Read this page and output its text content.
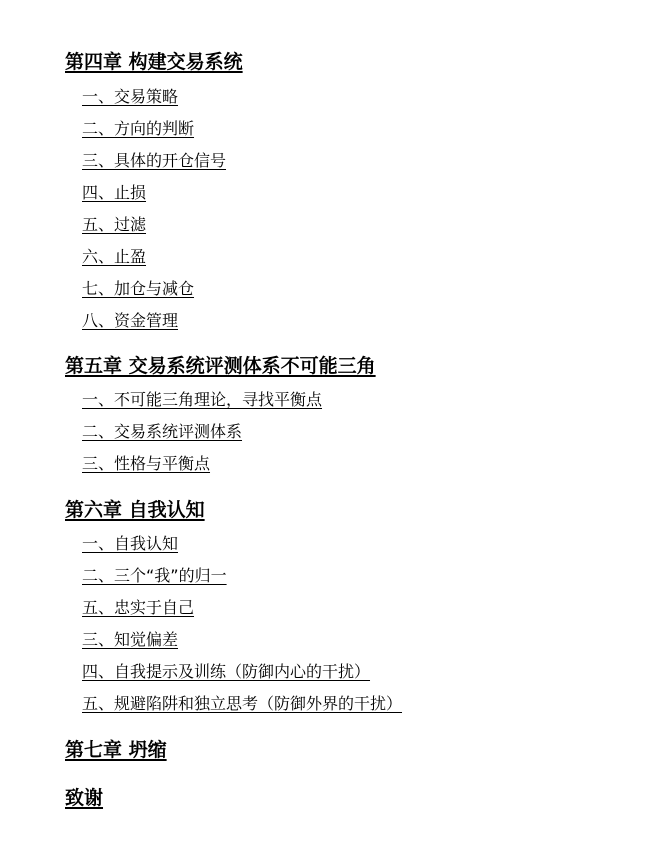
第四章 构建交易系统
一、交易策略
二、方向的判断
三、具体的开仓信号
四、止损
五、过滤
六、止盈
七、加仓与减仓
八、资金管理
第五章 交易系统评测体系不可能三角
一、不可能三角理论，寻找平衡点
二、交易系统评测体系
三、性格与平衡点
第六章 自我认知
一、自我认知
二、三个“我”的归一
五、忠实于自己
三、知觉偏差
四、自我提示及训练（防御内心的干扰）
五、规避陷阱和独立思考（防御外界的干扰）
第七章 坍缩
致谢
